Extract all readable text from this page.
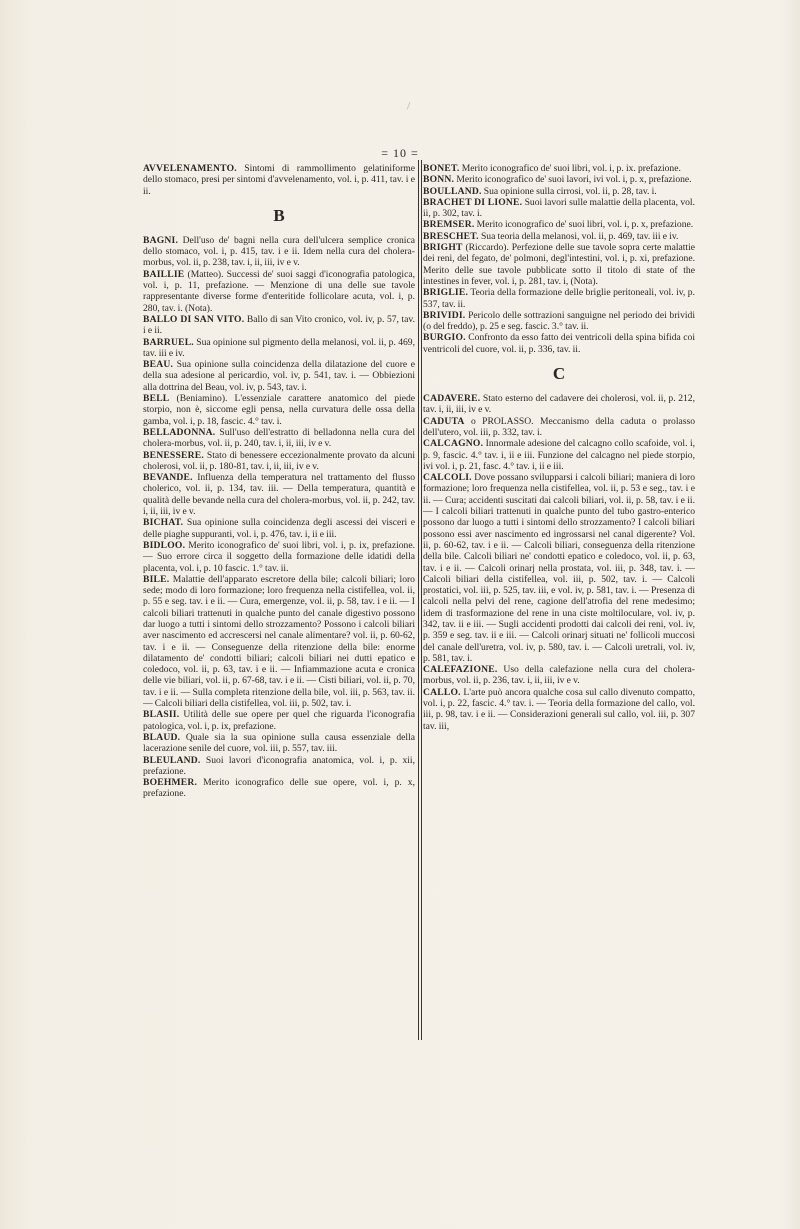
= 10 =
AVVELENAMENTO. Sintomi di rammollimento gelatiniforme dello stomaco, presi per sintomi d'avvelenamento, vol. i, p. 411, tav. i e ii.
B
BAGNI. Dell'uso de' bagni nella cura dell'ulcera semplice cronica dello stomaco, vol. i, p. 415, tav. i e ii. Idem nella cura del cholera-morbus, vol. ii, p. 238, tav. i, ii, iii, iv e v.
BAILLIE (Matteo). Successi de' suoi saggi d'iconografia patologica, vol. i, p. 11, prefazione. — Menzione di una delle sue tavole rappresentante diverse forme d'enteritide follicolare acuta, vol. i, p. 280, tav. i. (Nota).
BALLO DI SAN VITO. Ballo di san Vito cronico, vol. iv, p. 57, tav. i e ii.
BARRUEL. Sua opinione sul pigmento della melanosi, vol. ii, p. 469, tav. iii e iv.
BEAU. Sua opinione sulla coincidenza della dilatazione del cuore e della sua adesione al pericardio, vol. iv, p. 541, tav. i. — Obbiezioni alla dottrina del Beau, vol. iv, p. 543, tav. i.
BELL (Beniamino). L'essenziale carattere anatomico del piede storpio, non è, siccome egli pensa, nella curvatura delle ossa della gamba, vol. i, p. 18, fascic. 4.° tav. i.
BELLADONNA. Sull'uso dell'estratto di belladonna nella cura del cholera-morbus, vol. ii, p. 240, tav. i, ii, iii, iv e v.
BENESSERE. Stato di benessere eccezionalmente provato da alcuni cholerosi, vol. ii, p. 180-81, tav. i, ii, iii, iv e v.
BEVANDE. Influenza della temperatura nel trattamento del flusso cholerico, vol. ii, p. 134, tav. iii. — Della temperatura, quantità e qualità delle bevande nella cura del cholera-morbus, vol. ii, p. 242, tav. i, ii, iii, iv e v.
BICHAT. Sua opinione sulla coincidenza degli ascessi dei visceri e delle piaghe suppuranti, vol. i, p. 476, tav. i, ii e iii.
BIDLOO. Merito iconografico de' suoi libri, vol. i, p. ix, prefazione. — Suo errore circa il soggetto della formazione delle idatidi della placenta, vol. i, p. 10 fascic. 1.° tav. ii.
BILE. Malattie dell'apparato escretore della bile; calcoli biliari; loro sede; modo di loro formazione; loro frequenza nella cistifellea, vol. ii, p. 55 e seg. tav. i e ii. — Cura, emergenze, vol. ii, p. 58, tav. i e ii. — I calcoli biliari trattenuti in qualche punto del canale digestivo possono dar luogo a tutti i sintomi dello strozzamento? Possono i calcoli biliari aver nascimento ed accrescersi nel canale alimentare? vol. ii, p. 60-62, tav. i e ii. — Conseguenze della ritenzione della bile: enorme dilatamento de' condotti biliari; calcoli biliari nei dutti epatico e coledoco, vol. ii, p. 63, tav. i e ii. — Infiammazione acuta e cronica delle vie biliari, vol. ii, p. 67-68, tav. i e ii. — Cisti biliari, vol. ii, p. 70, tav. i e ii. — Sulla completa ritenzione della bile, vol. iii, p. 563, tav. ii. — Calcoli biliari della cistifellea, vol. iii, p. 502, tav. i.
BLASII. Utilità delle sue opere per quel che riguarda l'iconografia patologica, vol. i, p. ix, prefazione.
BLAUD. Quale sia la sua opinione sulla causa essenziale della lacerazione senile del cuore, vol. iii, p. 557, tav. iii.
BLEULAND. Suoi lavori d'iconografia anatomica, vol. i, p. xii, prefazione.
BOEHMER. Merito iconografico delle sue opere, vol. i, p. x, prefazione.
BONET. Merito iconografico de' suoi libri, vol. i, p. ix. prefazione.
BONN. Merito iconografico de' suoi lavori, ivi vol. i, p. x, prefazione.
BOULLAND. Sua opinione sulla cirrosi, vol. ii, p. 28, tav. i.
BRACHET DI LIONE. Suoi lavori sulle malattie della placenta, vol. ii, p. 302, tav. i.
BREMSER. Merito iconografico de' suoi libri, vol. i, p. x, prefazione.
BRESCHET. Sua teoria della melanosi, vol. ii, p. 469, tav. iii e iv.
BRIGHT (Riccardo). Perfezione delle sue tavole sopra certe malattie dei reni, del fegato, de' polmoni, degl'intestini, vol. i, p. xi, prefazione. Merito delle sue tavole pubblicate sotto il titolo di state of the intestines in fever, vol. i, p. 281, tav. i, (Nota).
BRIGLIE. Teoria della formazione delle briglie peritoneali, vol. iv, p. 537, tav. ii.
BRIVIDI. Pericolo delle sottrazioni sanguigne nel periodo dei brividi (o del freddo), p. 25 e seg. fascic. 3.° tav. ii.
BURGIO. Confronto da esso fatto dei ventricoli della spina bifida coi ventricoli del cuore, vol. ii, p. 336, tav. ii.
C
CADAVERE. Stato esterno del cadavere dei cholerosi, vol. ii, p. 212, tav. i, ii, iii, iv e v.
CADUTA o PROLASSO. Meccanismo della caduta o prolasso dell'utero, vol. iii, p. 332, tav. i.
CALCAGNO. Innormale adesione del calcagno collo scafoide, vol. i, p. 9, fascic. 4.° tav. i, ii e iii. Funzione del calcagno nel piede storpio, ivi vol. i, p. 21, fasc. 4.° tav. i, ii e iii.
CALCOLI. Dove possano svilupparsi i calcoli biliari; maniera di loro formazione; loro frequenza nella cistifellea, vol. ii, p. 53 e seg., tav. i e ii. — Cura; accidenti suscitati dai calcoli biliari, vol. ii, p. 58, tav. i e ii. — I calcoli biliari trattenuti in qualche punto del tubo gastro-enterico possono dar luogo a tutti i sintomi dello strozzamento? I calcoli biliari possono essi aver nascimento ed ingrossarsi nel canal digerente? Vol. ii, p. 60-62, tav. i e ii. — Calcoli biliari, conseguenza della ritenzione della bile. Calcoli biliari ne' condotti epatico e coledoco, vol. ii, p. 63, tav. i e ii. — Calcoli orinarj nella prostata, vol. iii, p. 348, tav. i. — Calcoli biliari della cistifellea, vol. iii, p. 502, tav. i. — Calcoli prostatici, vol. iii, p. 525, tav. iii, e vol. iv, p. 581, tav. i. — Presenza di calcoli nella pelvi del rene, cagione dell'atrofia del rene medesimo; idem di trasformazione del rene in una ciste moltiloculare, vol. iv, p. 342, tav. ii e iii. — Sugli accidenti prodotti dai calcoli dei reni, vol. iv, p. 359 e seg. tav. ii e iii. — Calcoli orinarj situati ne' follicoli muccosi del canale dell'uretra, vol. iv, p. 580, tav. i. — Calcoli uretrali, vol. iv, p. 581, tav. i.
CALEFAZIONE. Uso della calefazione nella cura del cholera-morbus, vol. ii, p. 236, tav. i, ii, iii, iv e v.
CALLO. L'arte può ancora qualche cosa sul callo divenuto compatto, vol. i, p. 22, fascic. 4.° tav. i. — Teoria della formazione del callo, vol. iii, p. 98, tav. i e ii. — Considerazioni generali sul callo, vol. iii, p. 307 tav. iii,
